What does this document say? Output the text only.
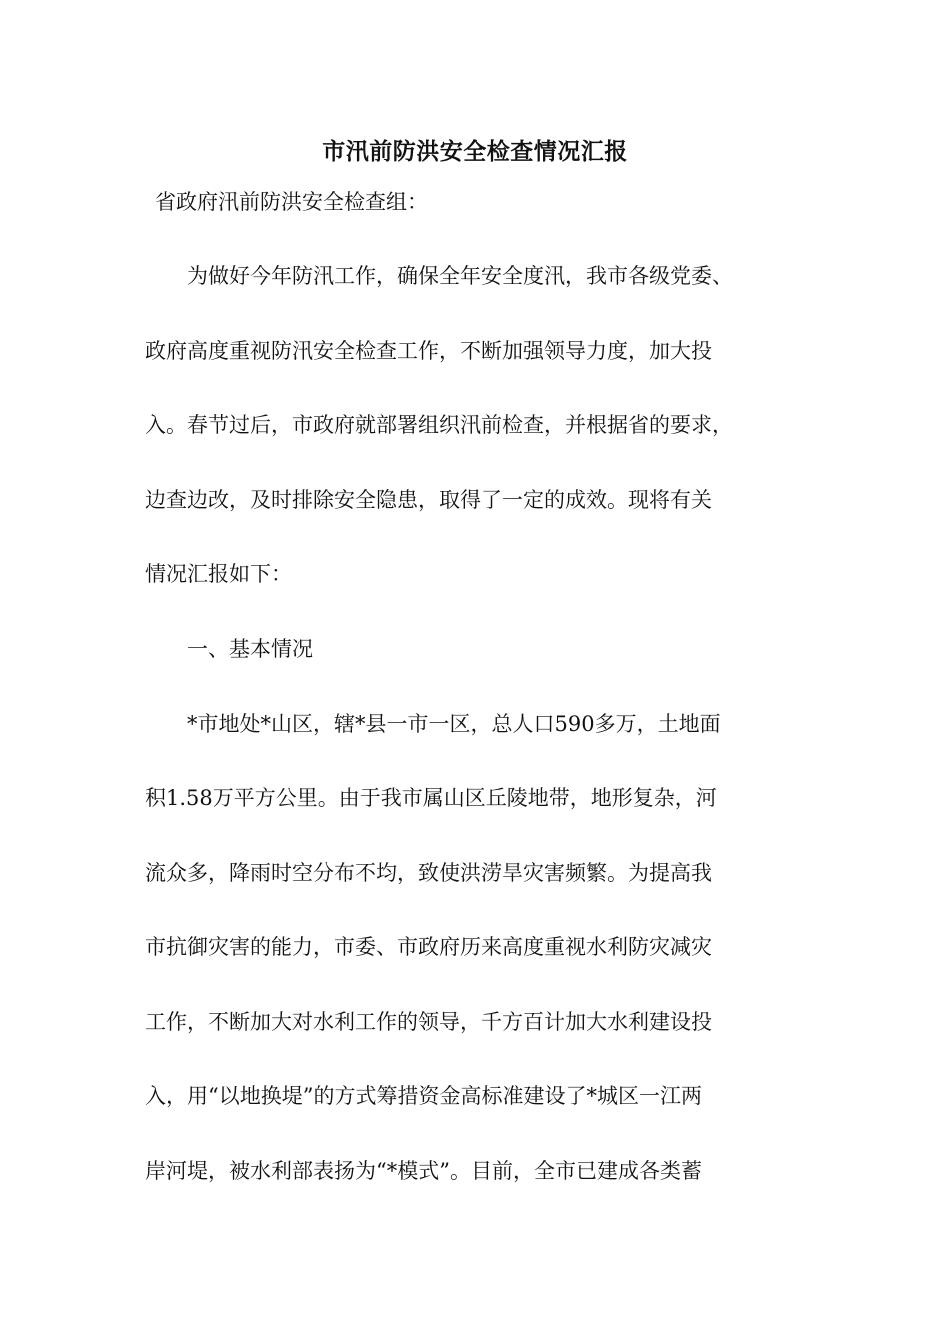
市汛前防洪安全检查情况汇报
省政府汛前防洪安全检查组：
　　为做好今年防汛工作，确保全年安全度汛，我市各级党委、
政府高度重视防汛安全检查工作，不断加强领导力度，加大投
入。春节过后，市政府就部署组织汛前检查，并根据省的要求，
边查边改，及时排除安全隐患，取得了一定的成效。现将有关
情况汇报如下：
　　一、基本情况
　　*市地处*山区，辖*县一市一区，总人口590多万，土地面
积1.58万平方公里。由于我市属山区丘陵地带，地形复杂，河
流众多，降雨时空分布不均，致使洪涝旱灾害频繁。为提高我
市抗御灾害的能力，市委、市政府历来高度重视水利防灾减灾
工作，不断加大对水利工作的领导，千方百计加大水利建设投
入，用“以地换堤”的方式筹措资金高标准建设了*城区一江两
岸河堤，被水利部表扬为“*模式”。目前，全市已建成各类蓄
